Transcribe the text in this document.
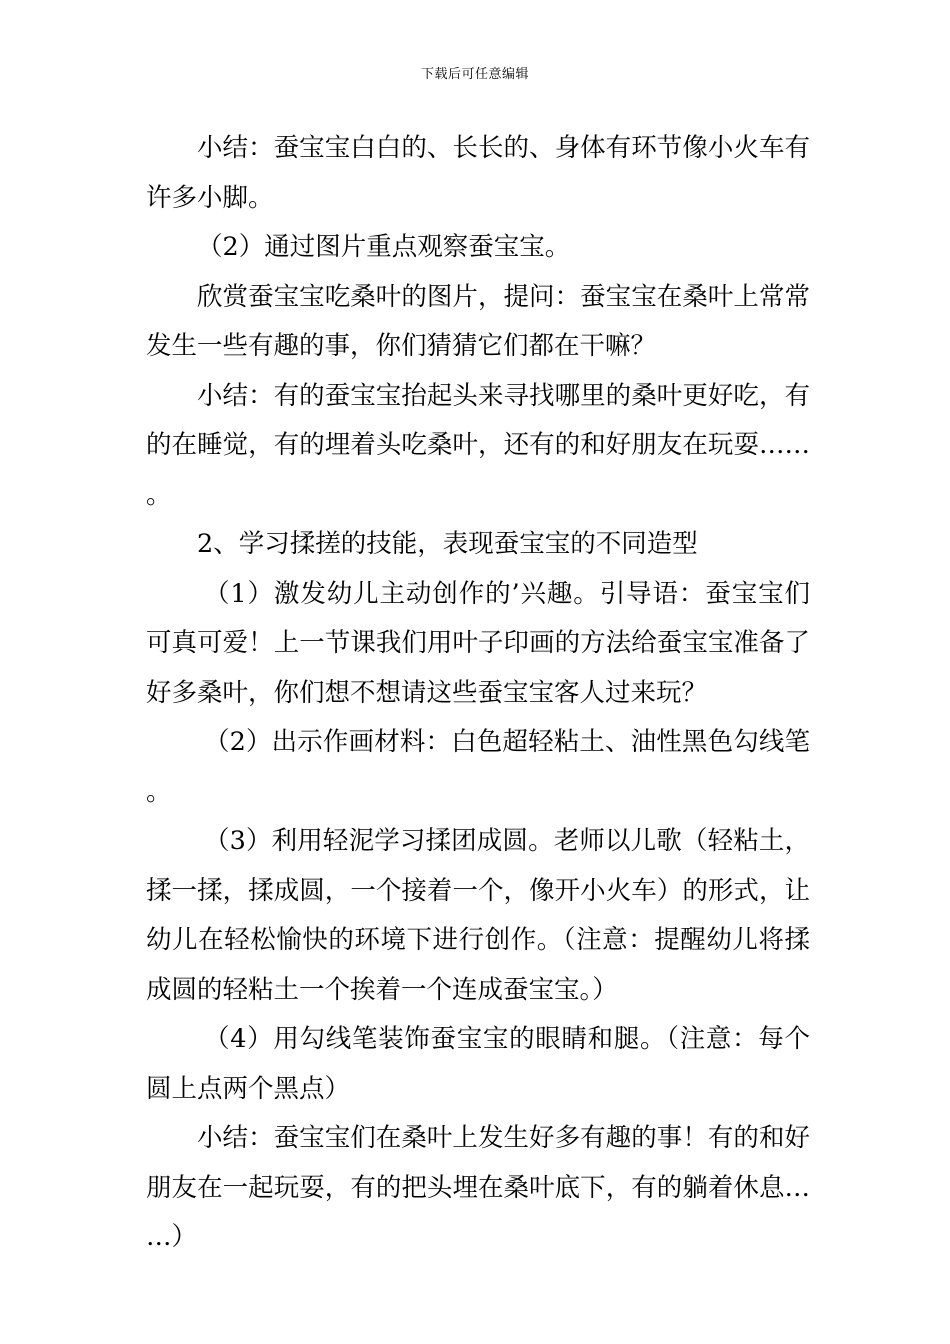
下载后可任意编辑

小结：蚕宝宝白白的、长长的、身体有环节像小火车有许多小脚。

（2）通过图片重点观察蚕宝宝。

欣赏蚕宝宝吃桑叶的图片，提问：蚕宝宝在桑叶上常常发生一些有趣的事，你们猜猜它们都在干嘛？

小结：有的蚕宝宝抬起头来寻找哪里的桑叶更好吃，有的在睡觉，有的埋着头吃桑叶，还有的和好朋友在玩耍……。

2、学习揉搓的技能，表现蚕宝宝的不同造型

（1）激发幼儿主动创作的’兴趣。引导语：蚕宝宝们可真可爱！上一节课我们用叶子印画的方法给蚕宝宝准备了好多桑叶，你们想不想请这些蚕宝宝客人过来玩？

（2）出示作画材料：白色超轻粘土、油性黑色勾线笔。

（3）利用轻泥学习揉团成圆。老师以儿歌（轻粘土，揉一揉，揉成圆，一个接着一个，像开小火车）的形式，让幼儿在轻松愉快的环境下进行创作。（注意：提醒幼儿将揉成圆的轻粘土一个挨着一个连成蚕宝宝。）

（4）用勾线笔装饰蚕宝宝的眼睛和腿。（注意：每个圆上点两个黑点）

小结：蚕宝宝们在桑叶上发生好多有趣的事！有的和好朋友在一起玩耍，有的把头埋在桑叶底下，有的躺着休息……）
